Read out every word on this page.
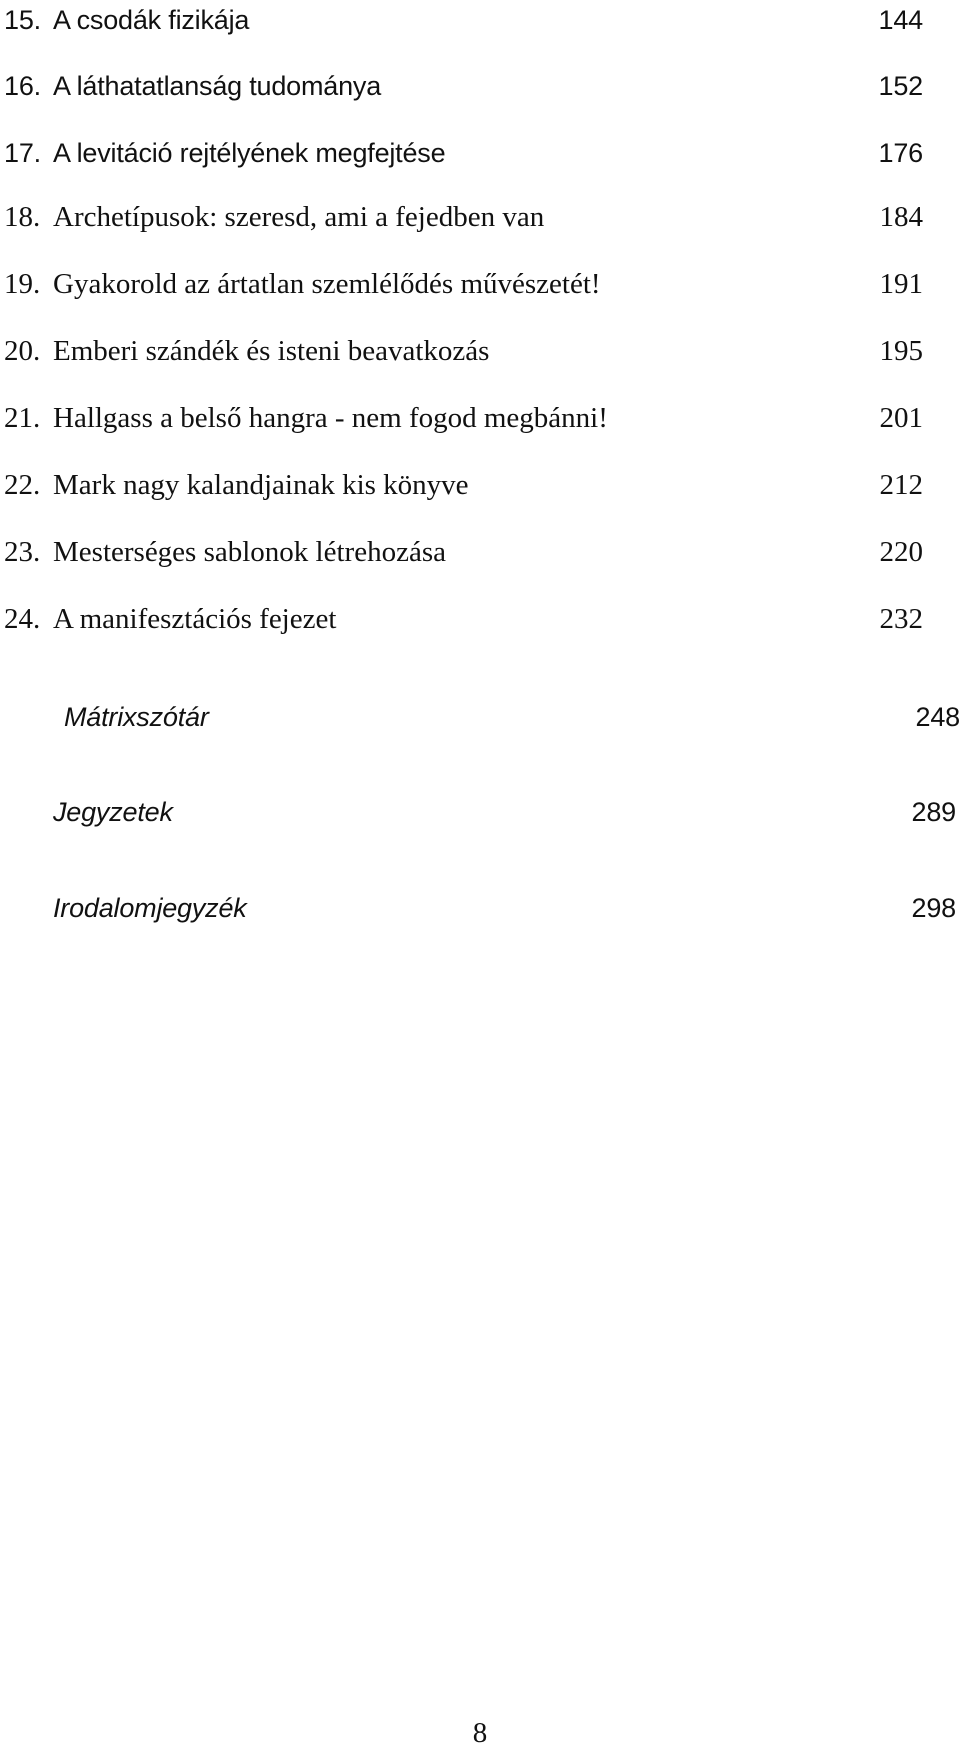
15. A csodák fizikája	144
16. A láthatatlanság tudománya	152
17. A levitáció rejtélyének megfejtése	176
18. Archetípusok: szeresd, ami a fejedben van	184
19. Gyakorold az ártatlan szemlélődés művészetét!	191
20. Emberi szándék és isteni beavatkozás	195
21. Hallgass a belső hangra - nem fogod megbánni!	201
22. Mark nagy kalandjainak kis könyve	212
23. Mesterséges sablonok létrehozása	220
24. A manifesztációs fejezet	232
Mátrixszótár	248
Jegyzetek	289
Irodalomjegyzék	298
8
